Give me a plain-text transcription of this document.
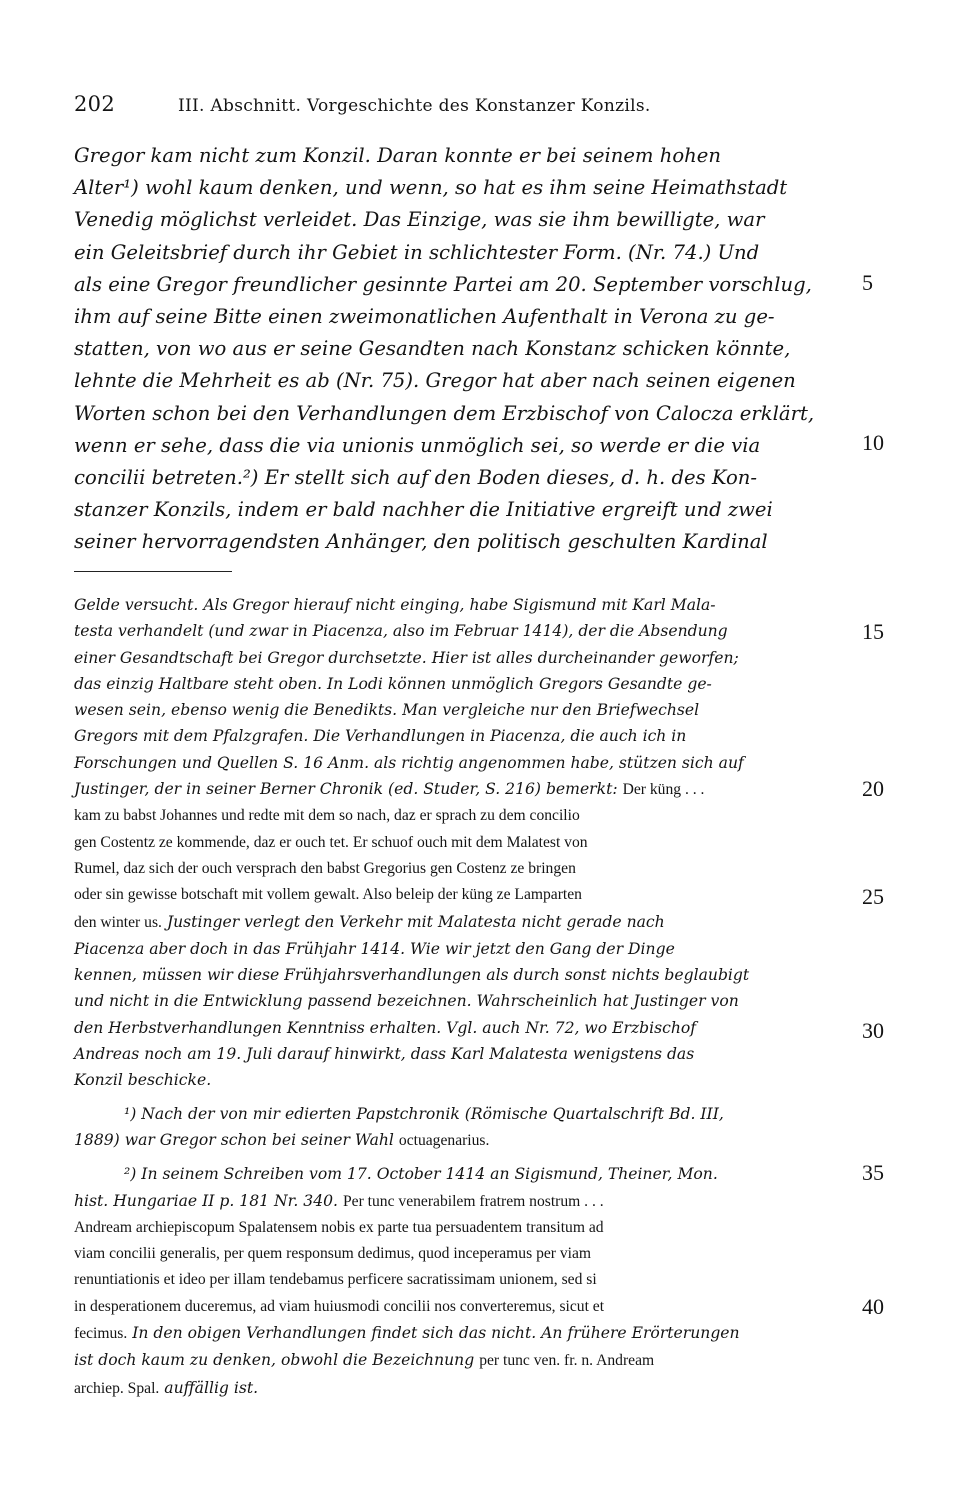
202	III. Abschnitt. Vorgeschichte des Konstanzer Konzils.
Gregor kam nicht zum Konzil. Daran konnte er bei seinem hohen
Alter¹) wohl kaum denken, und wenn, so hat es ihm seine Heimathstadt
Venedig möglichst verleidet. Das Einzige, was sie ihm bewilligte, war
ein Geleitsbrief durch ihr Gebiet in schlichtester Form. (Nr. 74.) Und
als eine Gregor freundlicher gesinnte Partei am 20. September vorschlug,
ihm auf seine Bitte einen zweimonatlichen Aufenthalt in Verona zu ge-
statten, von wo aus er seine Gesandten nach Konstanz schicken könnte,
lehnte die Mehrheit es ab (Nr. 75). Gregor hat aber nach seinen eigenen
Worten schon bei den Verhandlungen dem Erzbischof von Calocza erklärt,
wenn er sehe, dass die via unionis unmöglich sei, so werde er die via
concilii betreten.²) Er stellt sich auf den Boden dieses, d. h. des Kon-
stanzer Konzils, indem er bald nachher die Initiative ergreift und zwei
seiner hervorragendsten Anhänger, den politisch geschulten Kardinal
5
10
Gelde versucht. Als Gregor hierauf nicht einging, habe Sigismund mit Karl Mala-
testa verhandelt (und zwar in Piacenza, also im Februar 1414), der die Absendung
einer Gesandtschaft bei Gregor durchsetzte. Hier ist alles durcheinander geworfen;
das einzig Haltbare steht oben. In Lodi können unmöglich Gregors Gesandte ge-
wesen sein, ebenso wenig die Benedikts. Man vergleiche nur den Briefwechsel
Gregors mit dem Pfalzgrafen. Die Verhandlungen in Piacenza, die auch ich in
Forschungen und Quellen S. 16 Anm. als richtig angenommen habe, stützen sich auf
Justinger, der in seiner Berner Chronik (ed. Studer, S. 216) bemerkt: Der küng . . .
kam zu babst Johannes und redte mit dem so nach, daz er sprach zu dem concilio
gen Costentz ze kommende, daz er ouch tet. Er schuof ouch mit dem Malatest von
Rumel, daz sich der ouch versprach den babst Gregorius gen Costenz ze bringen
oder sin gewisse botschaft mit vollem gewalt. Also beleip der küng ze Lamparten
den winter us. Justinger verlegt den Verkehr mit Malatesta nicht gerade nach
Piacenza aber doch in das Frühjahr 1414. Wie wir jetzt den Gang der Dinge
kennen, müssen wir diese Frühjahrsverhandlungen als durch sonst nichts beglaubigt
und nicht in die Entwicklung passend bezeichnen. Wahrscheinlich hat Justinger von
den Herbstverhandlungen Kenntniss erhalten. Vgl. auch Nr. 72, wo Erzbischof
Andreas noch am 19. Juli darauf hinwirkt, dass Karl Malatesta wenigstens das
Konzil beschicke.
¹) Nach der von mir edierten Papstchronik (Römische Quartalschrift Bd. III,
1889) war Gregor schon bei seiner Wahl octuagenarius.
²) In seinem Schreiben vom 17. October 1414 an Sigismund, Theiner, Mon.
hist. Hungariae II p. 181 Nr. 340. Per tunc venerabilem fratrem nostrum . . .
Andream archiepiscopum Spalatensem nobis ex parte tua persuadentem transitum ad
viam concilii generalis, per quem responsum dedimus, quod inceperamus per viam
renuntiationis et ideo per illam tendebamus perficere sacratissimam unionem, sed si
in desperationem duceremus, ad viam huiusmodi concilii nos converteremus, sicut et
fecimus. In den obigen Verhandlungen findet sich das nicht. An frühere Erörterungen
ist doch kaum zu denken, obwohl die Bezeichnung per tunc ven. fr. n. Andream
archiep. Spal. auffällig ist.
15
20
25
30
35
40
